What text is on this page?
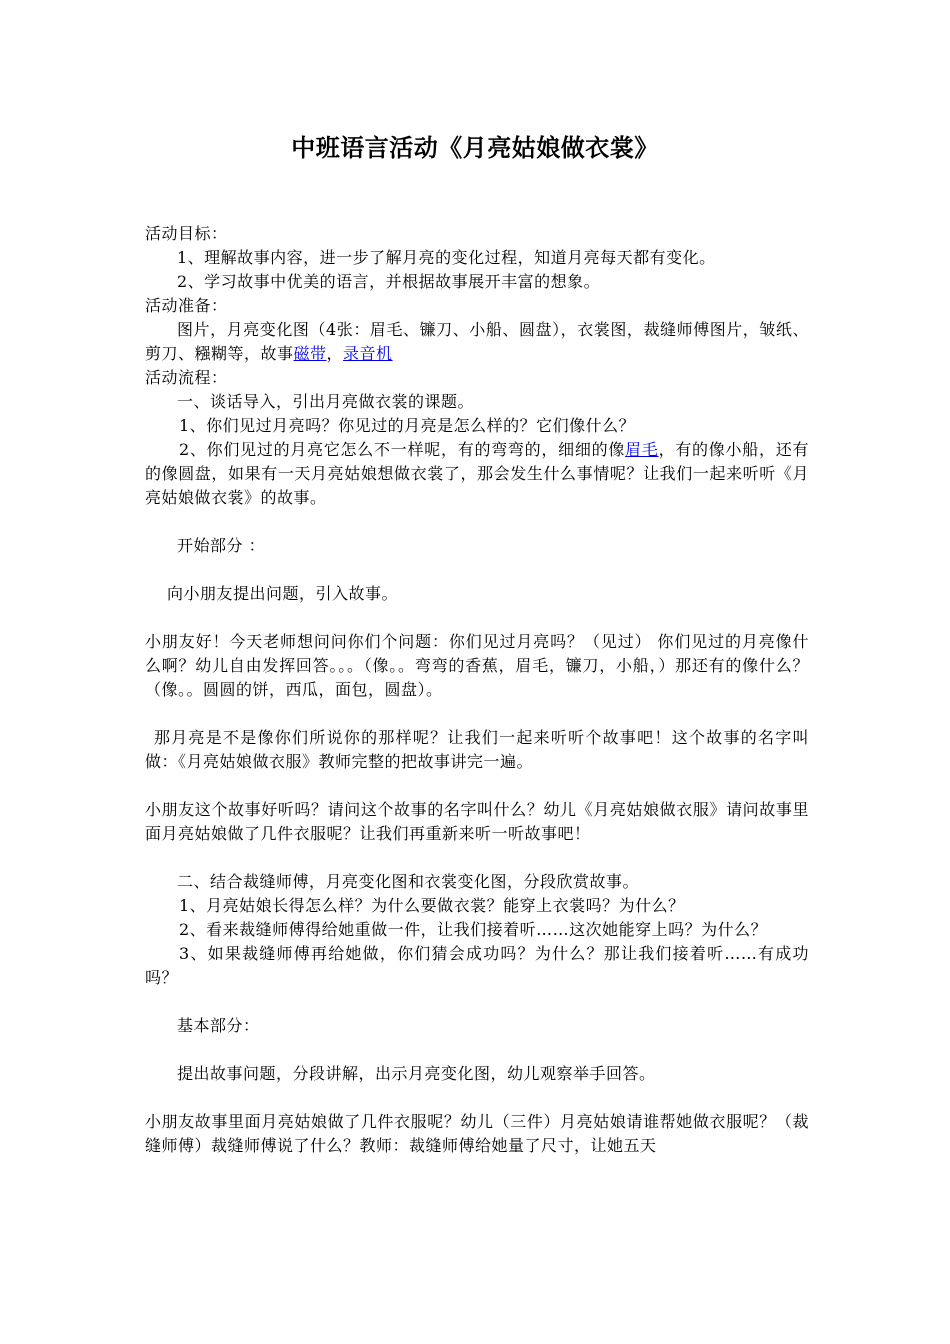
中班语言活动《月亮姑娘做衣裳》

活动目标：

1、理解故事内容，进一步了解月亮的变化过程，知道月亮每天都有变化。

2、学习故事中优美的语言，并根据故事展开丰富的想象。

活动准备：

图片，月亮变化图（4张：眉毛、镰刀、小船、圆盘），衣裳图，裁缝师傅图片，皱纸、剪刀、糨糊等，故事磁带，录音机

活动流程：

一、谈话导入，引出月亮做衣裳的课题。

1、你们见过月亮吗？你见过的月亮是怎么样的？它们像什么？

2、你们见过的月亮它怎么不一样呢，有的弯弯的，细细的像眉毛，有的像小船，还有的像圆盘，如果有一天月亮姑娘想做衣裳了，那会发生什么事情呢？让我们一起来听听《月亮姑娘做衣裳》的故事。

开始部分 ：

向小朋友提出问题，引入故事。

小朋友好！今天老师想问问你们个问题：你们见过月亮吗？（见过） 你们见过的月亮像什么啊？幼儿自由发挥回答。。。（像。。弯弯的香蕉，眉毛，镰刀，小船，）那还有的像什么？（像。。圆圆的饼，西瓜，面包，圆盘）。

那月亮是不是像你们所说你的那样呢？让我们一起来听听个故事吧！这个故事的名字叫做：《月亮姑娘做衣服》教师完整的把故事讲完一遍。

小朋友这个故事好听吗？请问这个故事的名字叫什么？幼儿《月亮姑娘做衣服》请问故事里面月亮姑娘做了几件衣服呢？让我们再重新来听一听故事吧！

二、结合裁缝师傅，月亮变化图和衣裳变化图，分段欣赏故事。

1、月亮姑娘长得怎么样？为什么要做衣裳？能穿上衣裳吗？为什么？

2、看来裁缝师傅得给她重做一件，让我们接着听……这次她能穿上吗？为什么？

3、如果裁缝师傅再给她做，你们猜会成功吗？为什么？那让我们接着听……有成功吗？

基本部分：

提出故事问题，分段讲解，出示月亮变化图，幼儿观察举手回答。

小朋友故事里面月亮姑娘做了几件衣服呢？幼儿（三件）月亮姑娘请谁帮她做衣服呢？（裁缝师傅）裁缝师傅说了什么？教师：裁缝师傅给她量了尺寸，让她五天
